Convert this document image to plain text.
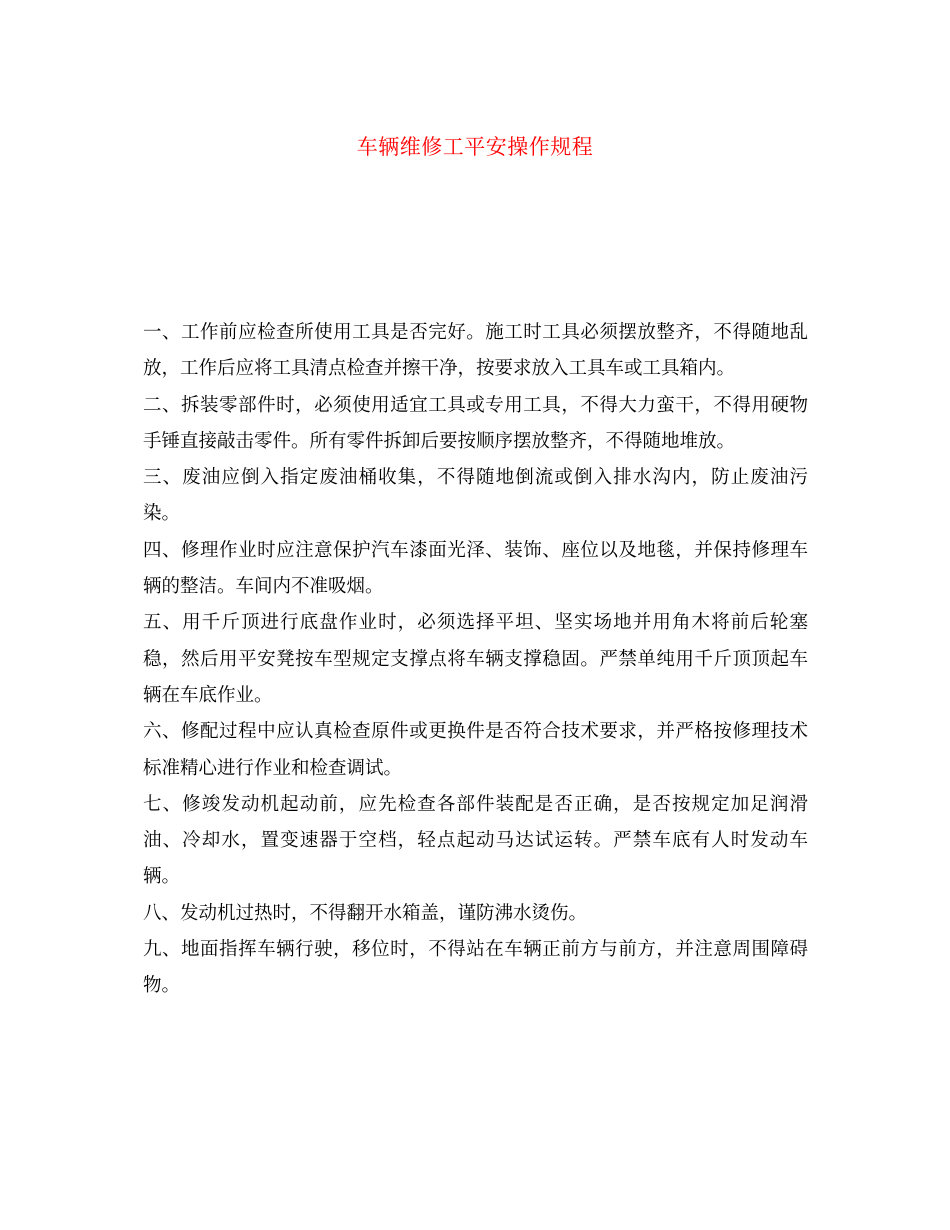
车辆维修工平安操作规程

一、工作前应检查所使用工具是否完好。施工时工具必须摆放整齐，不得随地乱放，工作后应将工具清点检查并擦干净，按要求放入工具车或工具箱内。

二、拆装零部件时，必须使用适宜工具或专用工具，不得大力蛮干，不得用硬物手锤直接敲击零件。所有零件拆卸后要按顺序摆放整齐，不得随地堆放。

三、废油应倒入指定废油桶收集，不得随地倒流或倒入排水沟内，防止废油污染。

四、修理作业时应注意保护汽车漆面光泽、装饰、座位以及地毯，并保持修理车辆的整洁。车间内不准吸烟。

五、用千斤顶进行底盘作业时，必须选择平坦、坚实场地并用角木将前后轮塞稳，然后用平安凳按车型规定支撑点将车辆支撑稳固。严禁单纯用千斤顶顶起车辆在车底作业。

六、修配过程中应认真检查原件或更换件是否符合技术要求，并严格按修理技术标准精心进行作业和检查调试。

七、修竣发动机起动前，应先检查各部件装配是否正确，是否按规定加足润滑油、冷却水，置变速器于空档，轻点起动马达试运转。严禁车底有人时发动车辆。

八、发动机过热时，不得翻开水箱盖，谨防沸水烫伤。

九、地面指挥车辆行驶，移位时，不得站在车辆正前方与前方，并注意周围障碍物。
